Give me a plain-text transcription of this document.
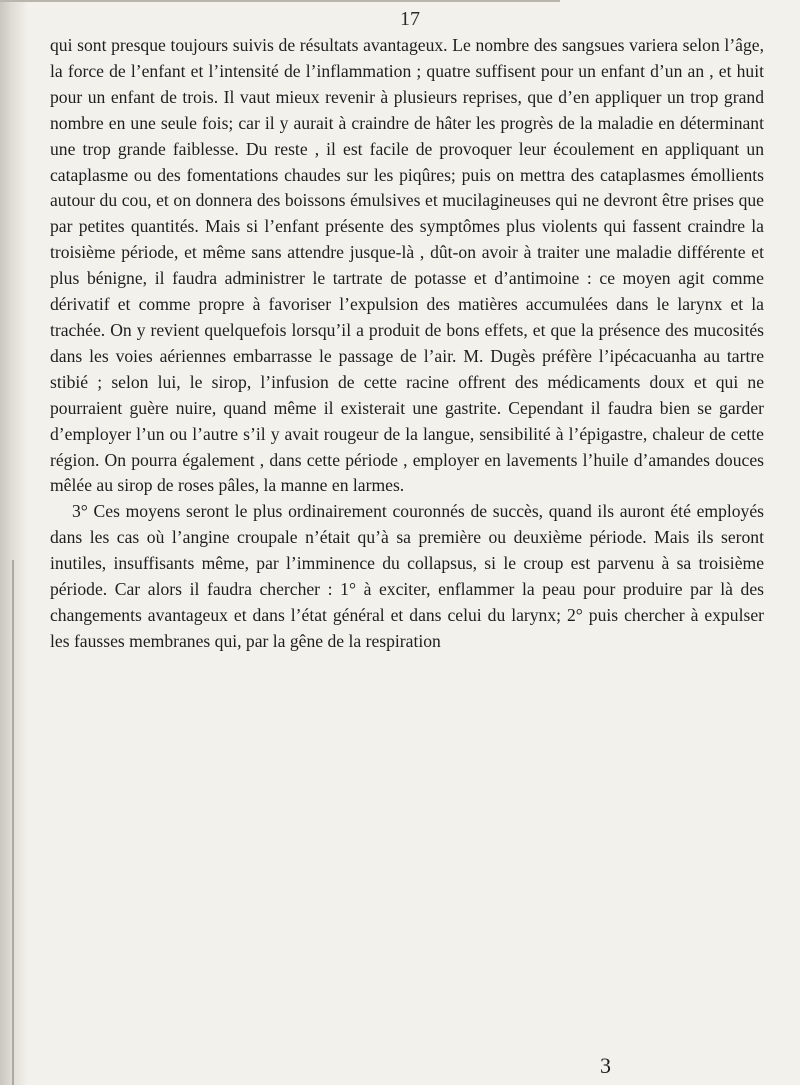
17

qui sont presque toujours suivis de résultats avantageux. Le nombre des sangsues variera selon l’âge, la force de l’enfant et l’intensité de l’inflammation ; quatre suffisent pour un enfant d’un an , et huit pour un enfant de trois. Il vaut mieux revenir à plusieurs reprises, que d’en appliquer un trop grand nombre en une seule fois; car il y aurait à craindre de hâter les progrès de la maladie en déterminant une trop grande faiblesse. Du reste , il est facile de provoquer leur écoulement en appliquant un cataplasme ou des fomentations chaudes sur les piqûres; puis on mettra des cataplasmes émollients autour du cou, et on donnera des boissons émulsives et mucilagineuses qui ne devront être prises que par petites quantités. Mais si l’enfant présente des symptômes plus violents qui fassent craindre la troisième période, et même sans attendre jusque-là , dût-on avoir à traiter une maladie différente et plus bénigne, il faudra administrer le tartrate de potasse et d’antimoine : ce moyen agit comme dérivatif et comme propre à favoriser l’expulsion des matières accumulées dans le larynx et la trachée. On y revient quelquefois lorsqu’il a produit de bons effets, et que la présence des mucosités dans les voies aériennes embarrasse le passage de l’air. M. Dugès préfère l’ipécacuanha au tartre stibié ; selon lui, le sirop, l’infusion de cette racine offrent des médicaments doux et qui ne pourraient guère nuire, quand même il existerait une gastrite. Cependant il faudra bien se garder d’employer l’un ou l’autre s’il y avait rougeur de la langue, sensibilité à l’épigastre, chaleur de cette région. On pourra également , dans cette période , employer en lavements l’huile d’amandes douces mêlée au sirop de roses pâles, la manne en larmes.

3° Ces moyens seront le plus ordinairement couronnés de succès, quand ils auront été employés dans les cas où l’angine croupale n’était qu’à sa première ou deuxième période. Mais ils seront inutiles, insuffisants même, par l’imminence du collapsus, si le croup est parvenu à sa troisième période. Car alors il faudra chercher : 1° à exciter, enflammer la peau pour produire par là des changements avantageux et dans l’état général et dans celui du larynx; 2° puis chercher à expulser les fausses membranes qui, par la gêne de la respiration

3
